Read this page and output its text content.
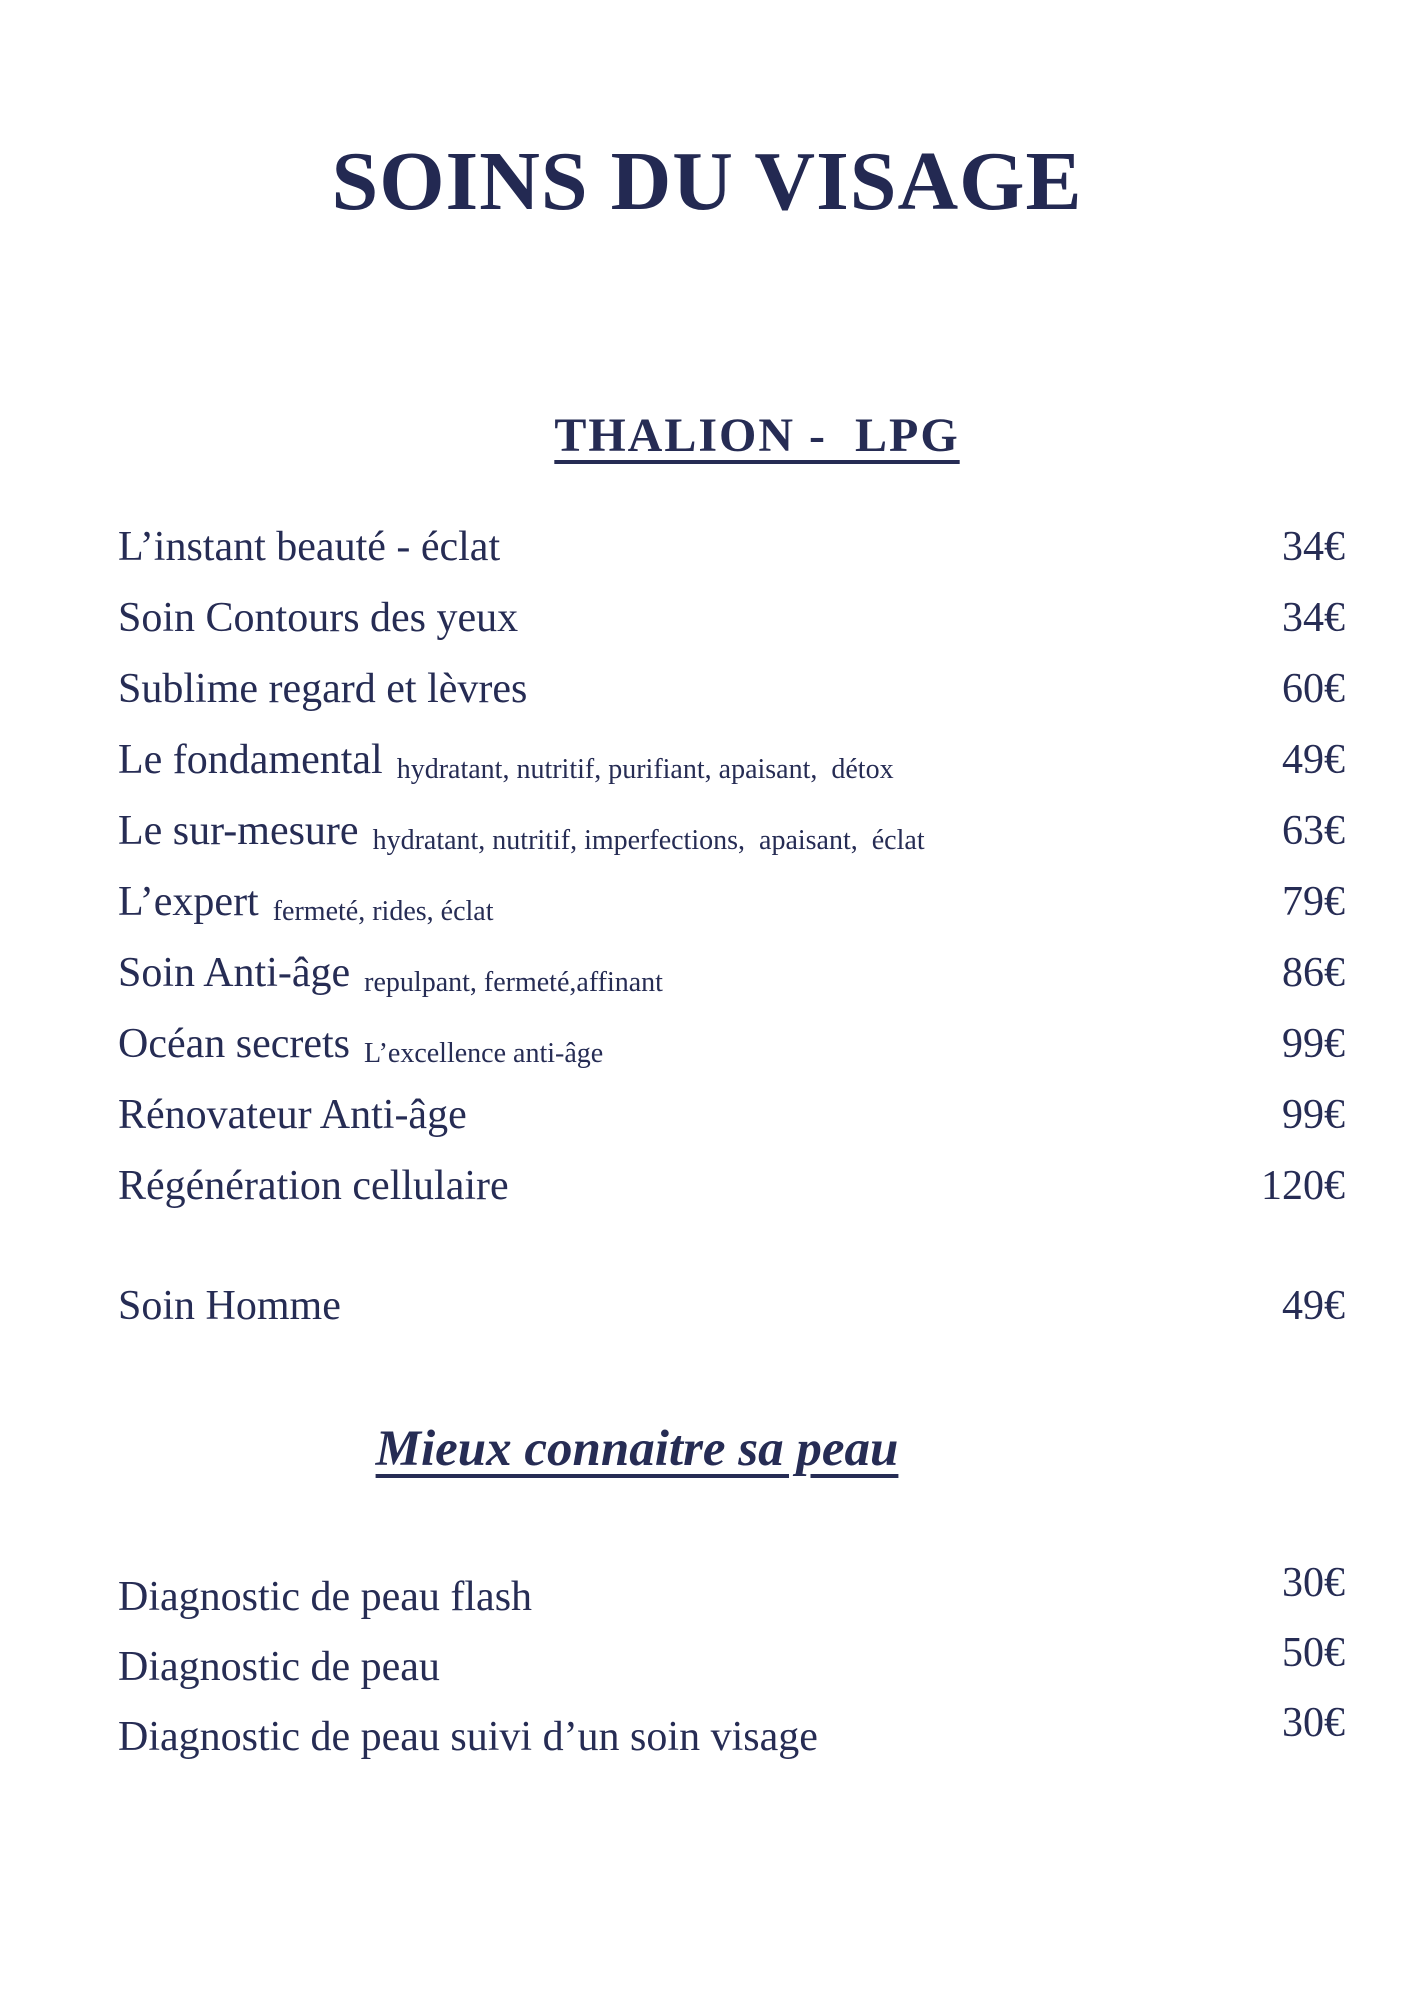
SOINS DU VISAGE
THALION -  LPG
34€
L’instant beauté - éclat
34€
Soin Contours des yeux
60€
Sublime regard et lèvres
49€
Le fondamental hydratant, nutritif, purifiant, apaisant,  détox
63€
Le sur-mesure hydratant, nutritif, imperfections,  apaisant,  éclat
79€
L’expert fermeté, rides, éclat
86€
Soin Anti-âge repulpant, fermeté,affinant
99€
Océan secrets L’excellence anti-âge
99€
Rénovateur Anti-âge
120€
Régénération cellulaire
49€
Soin Homme
Mieux connaitre sa peau
30€
Diagnostic de peau flash
50€
Diagnostic de peau
30€
Diagnostic de peau suivi d’un soin visage
